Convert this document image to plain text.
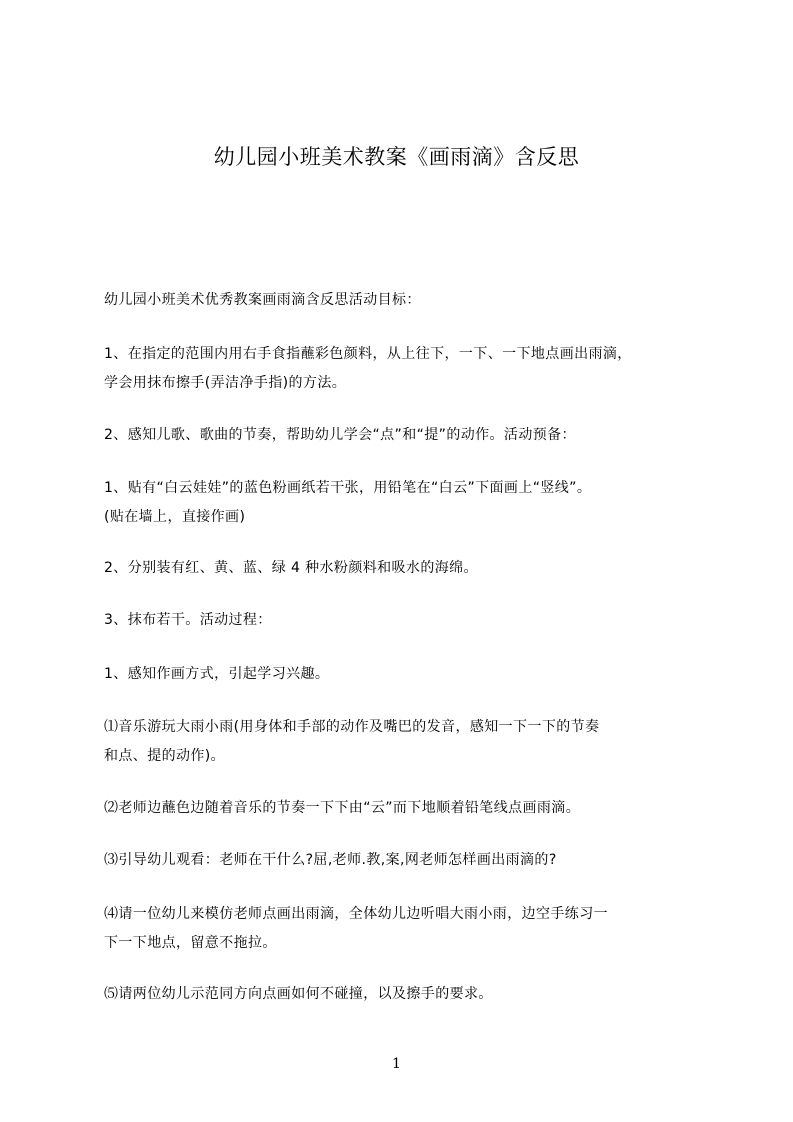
幼儿园小班美术教案《画雨滴》含反思
幼儿园小班美术优秀教案画雨滴含反思活动目标：
1、在指定的范围内用右手食指蘸彩色颜料，从上往下，一下、一下地点画出雨滴，
学会用抹布擦手(弄洁净手指)的方法。
2、感知儿歌、歌曲的节奏，帮助幼儿学会“点”和“提”的动作。活动预备：
1、贴有“白云娃娃”的蓝色粉画纸若干张，用铅笔在“白云”下面画上“竖线”。
(贴在墙上，直接作画)
2、分别装有红、黄、蓝、绿 4 种水粉颜料和吸水的海绵。
3、抹布若干。活动过程：
1、感知作画方式，引起学习兴趣。
⑴音乐游玩大雨小雨(用身体和手部的动作及嘴巴的发音，感知一下一下的节奏
和点、提的动作)。
⑵老师边蘸色边随着音乐的节奏一下下由“云”而下地顺着铅笔线点画雨滴。
⑶引导幼儿观看：老师在干什么?屈,老师.教,案,网老师怎样画出雨滴的?
⑷请一位幼儿来模仿老师点画出雨滴，全体幼儿边听唱大雨小雨，边空手练习一
下一下地点，留意不拖拉。
⑸请两位幼儿示范同方向点画如何不碰撞，以及擦手的要求。
1
